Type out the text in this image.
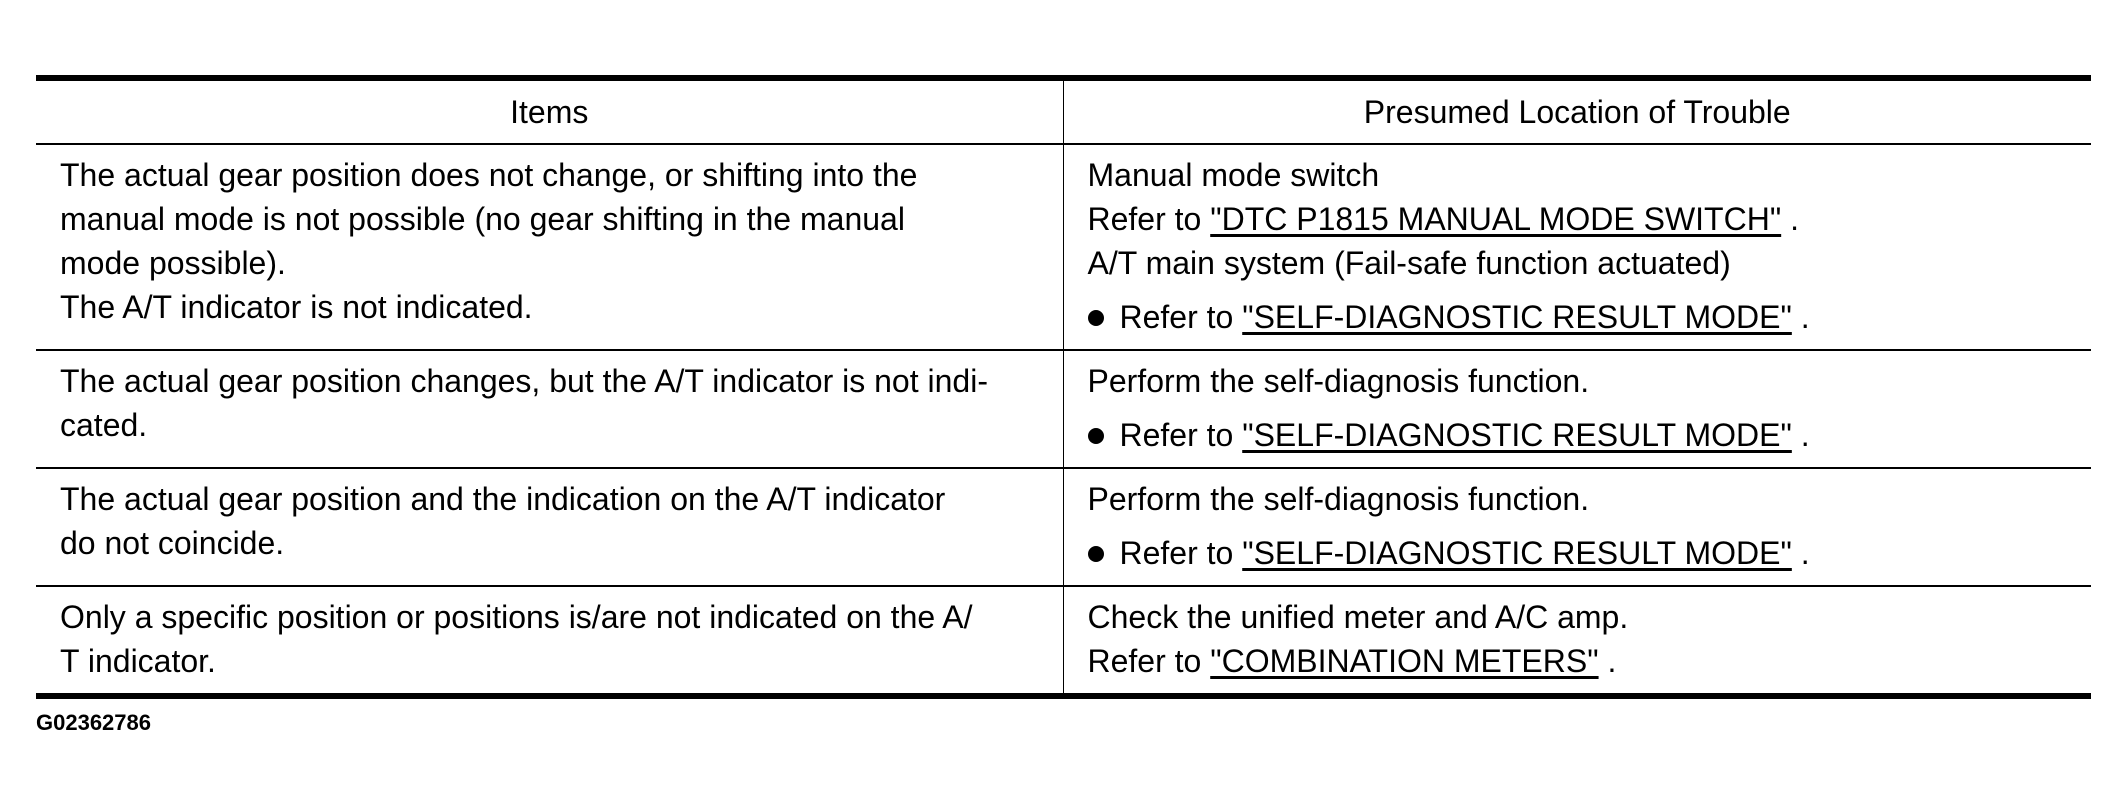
Items	Presumed Location of Trouble

The actual gear position does not change, or shifting into the
manual mode is not possible (no gear shifting in the manual
mode possible).
The A/T indicator is not indicated.	Manual mode switch
Refer to "DTC P1815 MANUAL MODE SWITCH" .
A/T main system (Fail-safe function actuated)
Refer to "SELF-DIAGNOSTIC RESULT MODE" .

The actual gear position changes, but the A/T indicator is not indi-
cated.	Perform the self-diagnosis function.
Refer to "SELF-DIAGNOSTIC RESULT MODE" .

The actual gear position and the indication on the A/T indicator
do not coincide.	Perform the self-diagnosis function.
Refer to "SELF-DIAGNOSTIC RESULT MODE" .

Only a specific position or positions is/are not indicated on the A/
T indicator.	Check the unified meter and A/C amp.
Refer to "COMBINATION METERS" .
G02362786
